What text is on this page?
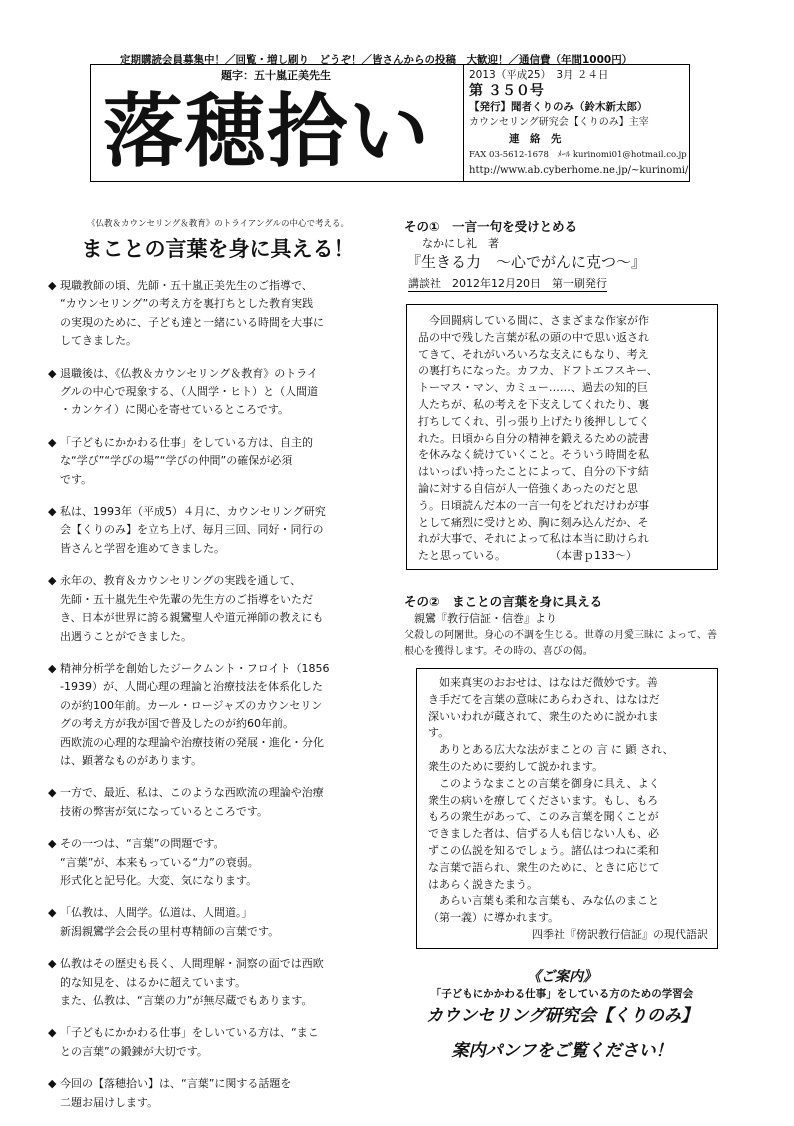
定期購読会員募集中！／回覧・増し刷り　どうぞ！／皆さんからの投稿　大歓迎！／通信費（年間1000円）
題字：五十嵐正美先生
落穂拾い
2013（平成25）　3月 ２４日
第 ３５０号
【発行】聞者くりのみ（鈴木新太郎）
カウンセリング研究会【くりのみ】主宰
連　絡　先
FAX 03-5612-1678　ﾒｰﾙ kurinomi01@hotmail.co.jp
http://www.ab.cyberhome.ne.jp/~kurinomi/
《仏教＆カウンセリング＆教育》のトライアングルの中心で考える。
まことの言葉を身に具える！
◆ 現職教師の頃、先師・五十嵐正美先生のご指導で、

“カウンセリング”の考え方を裏打ちとした教育実践

の実現のために、子ども達と一緒にいる時間を大事に

してきました。

◆ 退職後は、《仏教＆カウンセリング＆教育》のトライ

グルの中心で現象する、（人間学・ヒト）と（人間道

・カンケイ）に関心を寄せているところです。

◆ 「子どもにかかわる仕事」をしている方は、自主的

な“学び”“学びの場”“学びの仲間”の確保が必須

です。

◆ 私は、1993年（平成5）４月に、カウンセリング研究

会【くりのみ】を立ち上げ、毎月三回、同好・同行の

皆さんと学習を進めてきました。

◆ 永年の、教育＆カウンセリングの実践を通して、

先師・五十嵐先生や先輩の先生方のご指導をいただ

き、日本が世界に誇る親鸞聖人や道元禅師の教えにも

出遇うことができました。

◆ 精神分析学を創始したジークムント・フロイト（1856

-1939）が、人間心理の理論と治療技法を体系化した

のが約100年前。カール・ロージャズのカウンセリン

グの考え方が我が国で普及したのが約60年前。

西欧流の心理的な理論や治療技術の発展・進化・分化

は、顕著なものがあります。

◆ 一方で、最近、私は、このような西欧流の理論や治療

技術の弊害が気になっているところです。

◆ その一つは、“言葉”の問題です。

“言葉”が、本来もっている“力”の衰弱。

形式化と記号化。大変、気になります。

◆ 「仏教は、人間学。仏道は、人間道。」

新潟親鸞学会会長の里村専精師の言葉です。

◆ 仏教はその歴史も長く、人間理解・洞察の面では西欧

的な知見を、はるかに超えています。

また、仏教は、“言葉の力”が無尽蔵でもあります。

◆ 「子どもにかかわる仕事」をしいている方は、“まこ

との言葉”の鍛錬が大切です。

◆ 今回の【落穂拾い】は、“言葉”に関する話題を

二題お届けします。

その①　一言一句を受けとめる
なかにし礼　著
『生きる力　～心でがんに克つ～』
講談社　2012年12月20日　第一刷発行

今回闘病している間に、さまざまな作家が作

品の中で残した言葉が私の頭の中で思い返され

てきて、それがいろいろな支えにもなり、考え

の裏打ちになった。カフカ、ドフトエフスキー、

トーマス・マン、カミュー……、過去の知的巨

人たちが、私の考えを下支えしてくれたり、裏

打ちしてくれ、引っ張り上げたり後押ししてく

れた。日頃から自分の精神を鍛えるための読書

を休みなく続けていくこと。そういう時間を私

はいっぱい持ったことによって、自分の下す結

論に対する自信が人一倍強くあったのだと思

う。日頃読んだ本の一言一句をどれだけわが事

として痛烈に受けとめ、胸に刻み込んだか、そ

れが大事で、それによって私は本当に助けられ

たと思っている。　　　　　（本書ｐ133～）

その②　まことの言葉を身に具える
親鸞『教行信証・信巻』より
父殺しの阿闍世。身心の不調を生じる。世尊の月愛三昧に よって、善根心を獲得します。その時の、喜びの偈。

如来真実のおおせは、はなはだ微妙です。善

き手だてを言葉の意味にあらわされ、はなはだ

深いいわれが蔵されて、衆生のために説かれま

す。

ありとある広大な法がまことの 言 に 顕 され、

衆生のために要約して説かれます。

このようなまことの言葉を御身に具え、よく

衆生の病いを療してくださいます。もし、もろ

もろの衆生があって、このみ言葉を聞くことが

できました者は、信ずる人も信じない人も、必

ずこの仏説を知るでしょう。諸仏はつねに柔和

な言葉で語られ、衆生のために、ときに応じて

はあらく説きたまう。

あらい言葉も柔和な言葉も、みな仏のまこと

（第一義）に導かれます。

四季社『傍訳教行信証』の現代語訳

《ご案内》
「子どもにかかわる仕事」をしている方のための学習会
カウンセリング研究会【くりのみ】
案内パンフをご覧ください！
